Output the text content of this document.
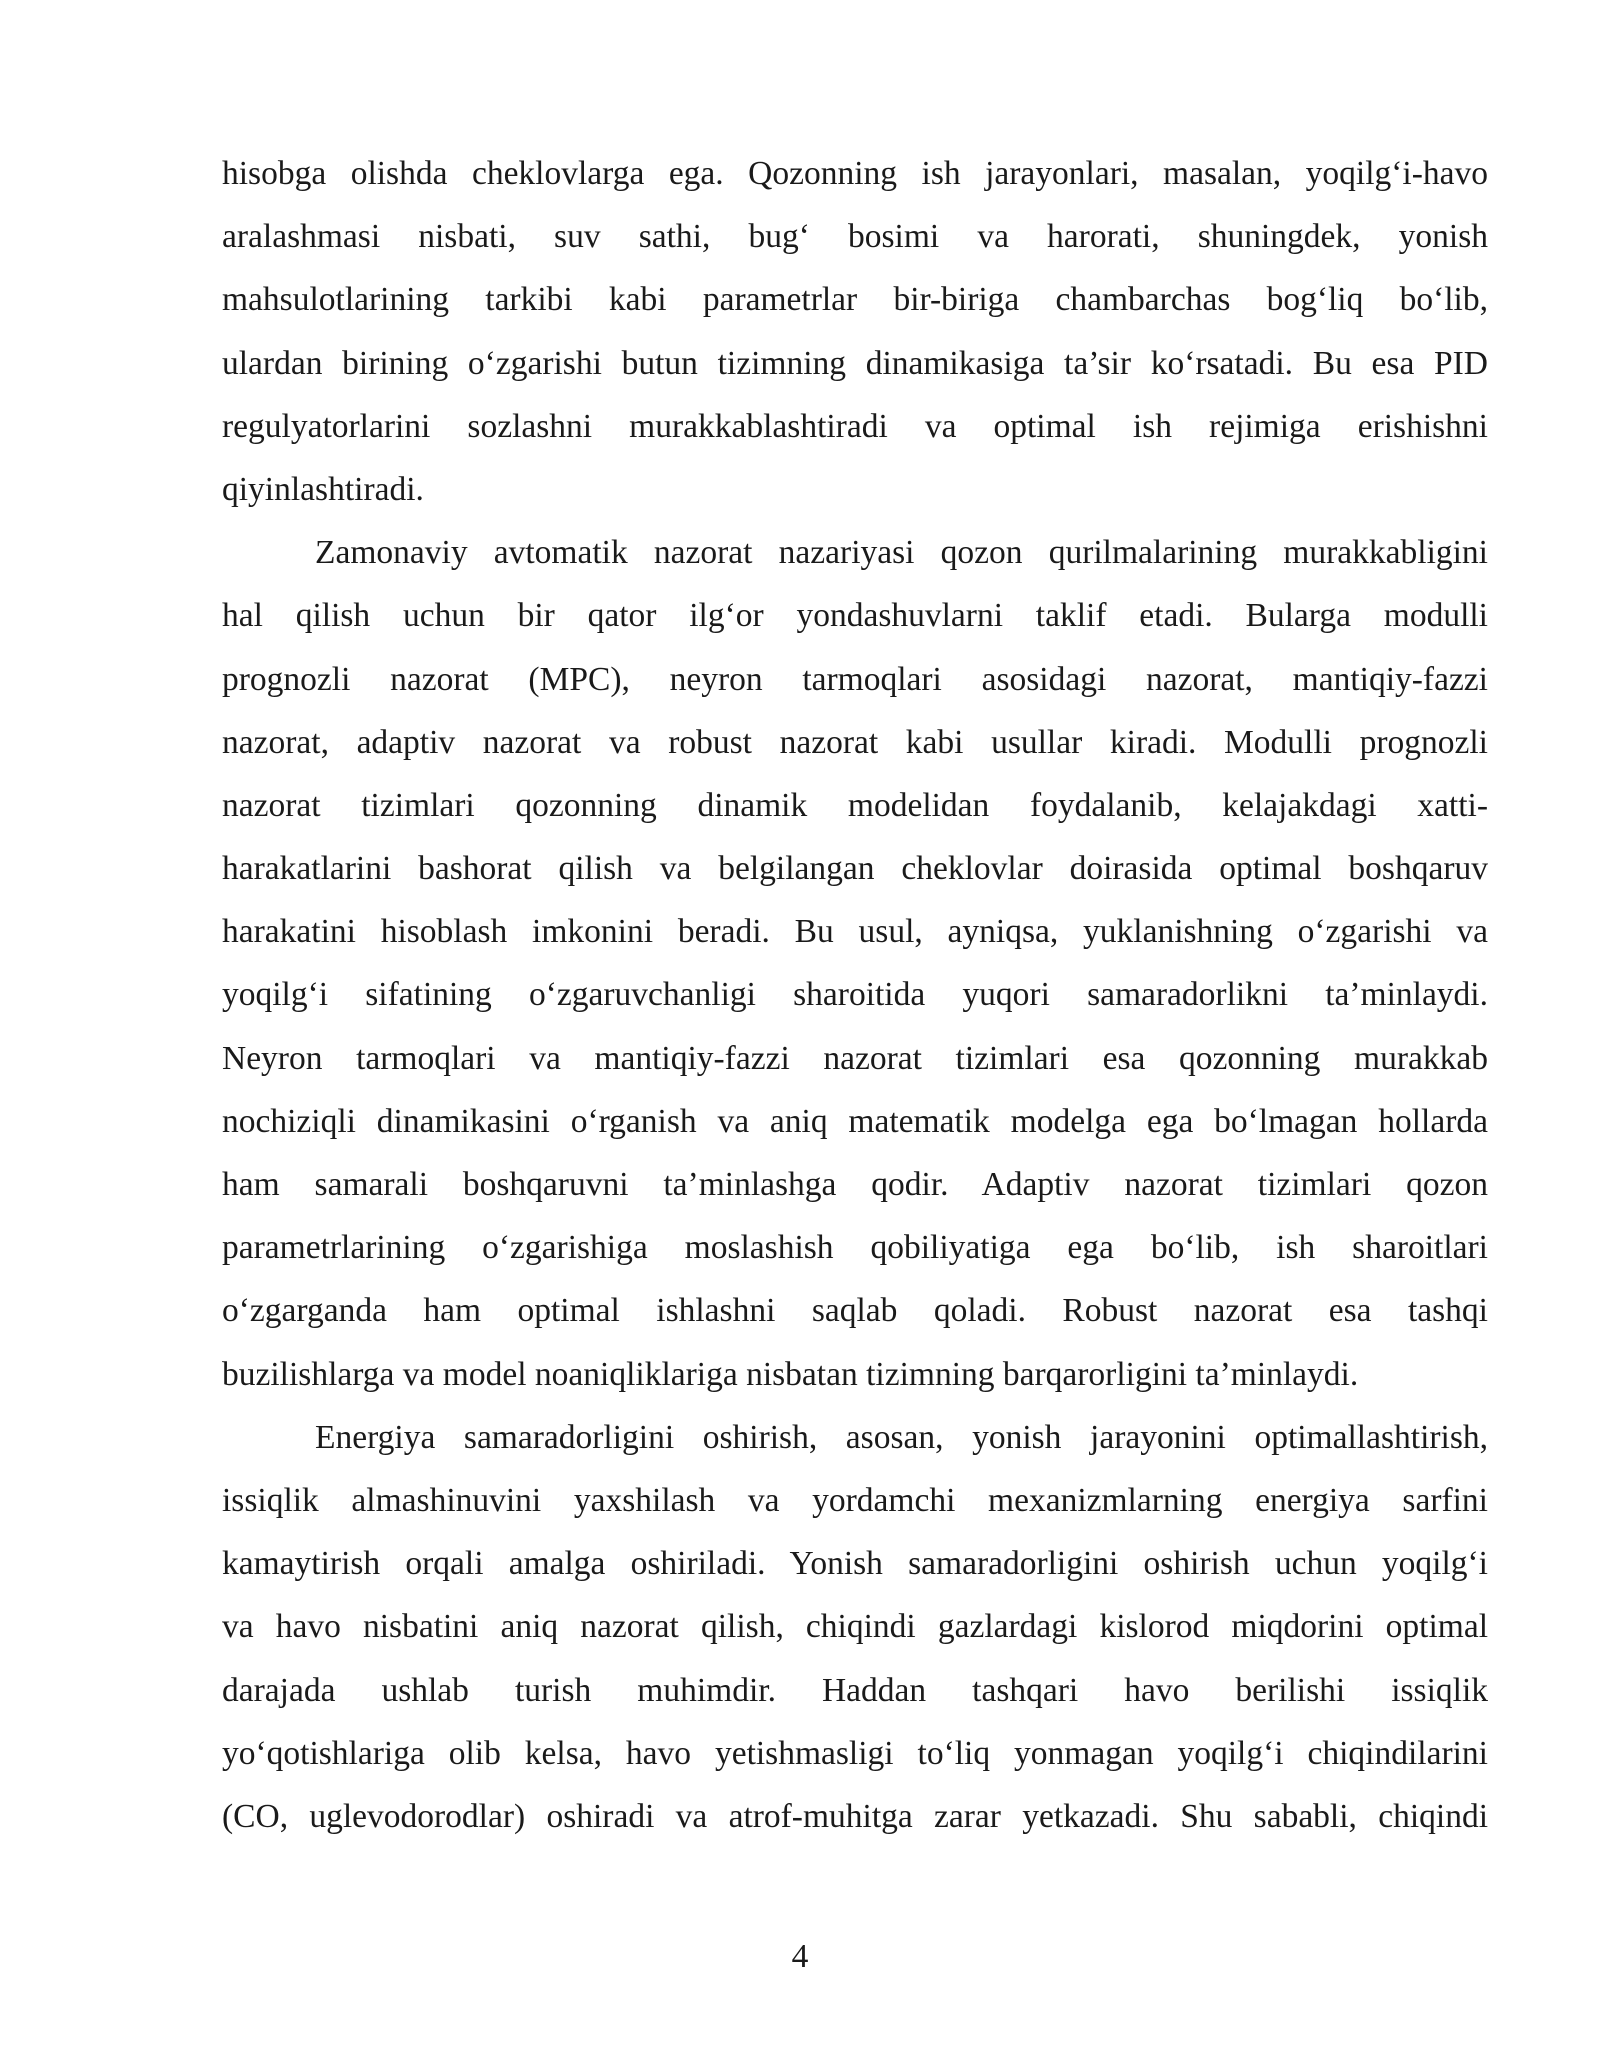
hisobga olishda cheklovlarga ega. Qozonning ish jarayonlari, masalan, yoqilg‘i-havo
aralashmasi nisbati, suv sathi, bug‘ bosimi va harorati, shuningdek, yonish
mahsulotlarining tarkibi kabi parametrlar bir-biriga chambarchas bog‘liq bo‘lib,
ulardan birining o‘zgarishi butun tizimning dinamikasiga ta’sir ko‘rsatadi. Bu esa PID
regulyatorlarini sozlashni murakkablashtiradi va optimal ish rejimiga erishishni
qiyinlashtiradi.
Zamonaviy avtomatik nazorat nazariyasi qozon qurilmalarining murakkabligini
hal qilish uchun bir qator ilg‘or yondashuvlarni taklif etadi. Bularga modulli
prognozli nazorat (MPC), neyron tarmoqlari asosidagi nazorat, mantiqiy-fazzi
nazorat, adaptiv nazorat va robust nazorat kabi usullar kiradi. Modulli prognozli
nazorat tizimlari qozonning dinamik modelidan foydalanib, kelajakdagi xatti-
harakatlarini bashorat qilish va belgilangan cheklovlar doirasida optimal boshqaruv
harakatini hisoblash imkonini beradi. Bu usul, ayniqsa, yuklanishning o‘zgarishi va
yoqilg‘i sifatining o‘zgaruvchanligi sharoitida yuqori samaradorlikni ta’minlaydi.
Neyron tarmoqlari va mantiqiy-fazzi nazorat tizimlari esa qozonning murakkab
nochiziqli dinamikasini o‘rganish va aniq matematik modelga ega bo‘lmagan hollarda
ham samarali boshqaruvni ta’minlashga qodir. Adaptiv nazorat tizimlari qozon
parametrlarining o‘zgarishiga moslashish qobiliyatiga ega bo‘lib, ish sharoitlari
o‘zgarganda ham optimal ishlashni saqlab qoladi. Robust nazorat esa tashqi
buzilishlarga va model noaniqliklariga nisbatan tizimning barqarorligini ta’minlaydi.
Energiya samaradorligini oshirish, asosan, yonish jarayonini optimallashtirish,
issiqlik almashinuvini yaxshilash va yordamchi mexanizmlarning energiya sarfini
kamaytirish orqali amalga oshiriladi. Yonish samaradorligini oshirish uchun yoqilg‘i
va havo nisbatini aniq nazorat qilish, chiqindi gazlardagi kislorod miqdorini optimal
darajada ushlab turish muhimdir. Haddan tashqari havo berilishi issiqlik
yo‘qotishlariga olib kelsa, havo yetishmasligi to‘liq yonmagan yoqilg‘i chiqindilarini
(CO, uglevodorodlar) oshiradi va atrof-muhitga zarar yetkazadi. Shu sababli, chiqindi
4
